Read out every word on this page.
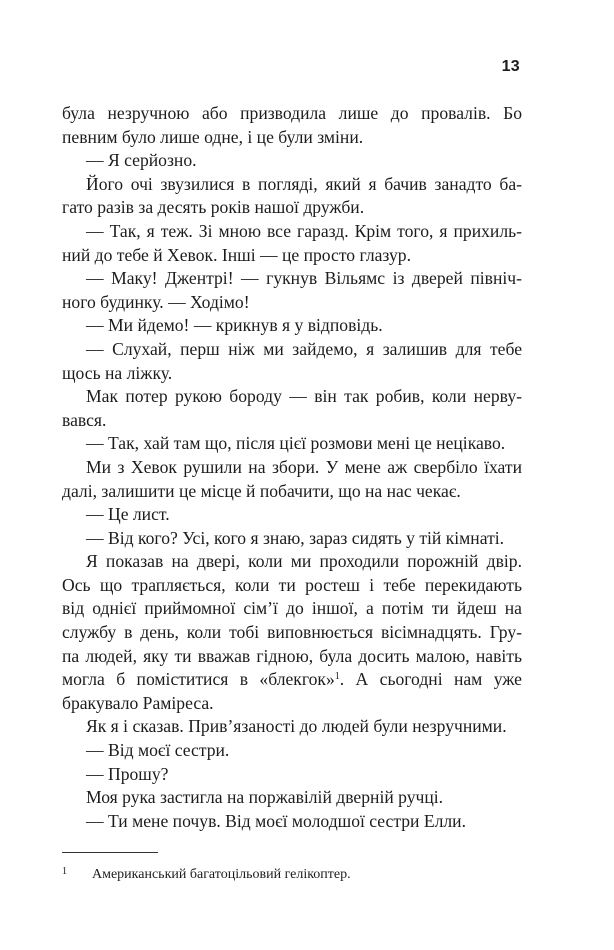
13
була незручною або призводила лише до провалів. Бо
певним було лише одне, і це були зміни.
— Я серйозно.
Його очі звузилися в погляді, який я бачив занадто ба-
гато разів за десять років нашої дружби.
— Так, я теж. Зі мною все гаразд. Крім того, я прихиль-
ний до тебе й Хевок. Інші — це просто глазур.
— Маку! Джентрі! — гукнув Вільямс із дверей північ-
ного будинку. — Ходімо!
— Ми йдемо! — крикнув я у відповідь.
— Слухай, перш ніж ми зайдемо, я залишив для тебе
щось на ліжку.
Мак потер рукою бороду — він так робив, коли нерву-
вався.
— Так, хай там що, після цієї розмови мені це нецікаво.
Ми з Хевок рушили на збори. У мене аж свербіло їхати
далі, залишити це місце й побачити, що на нас чекає.
— Це лист.
— Від кого? Усі, кого я знаю, зараз сидять у тій кімнаті.
Я показав на двері, коли ми проходили порожній двір.
Ось що трапляється, коли ти ростеш і тебе перекидають
від однієї приймомної сім’ї до іншої, а потім ти йдеш на
службу в день, коли тобі виповнюється вісімнадцять. Гру-
па людей, яку ти вважав гідною, була досить малою, навіть
могла б поміститися в «блекгок»$^1$. А сьогодні нам уже
бракувало Раміреса.
Як я і сказав. Прив’язаності до людей були незручними.
— Від моєї сестри.
— Прошу?
Моя рука застигла на поржавілій дверній ручці.
— Ти мене почув. Від моєї молодшої сестри Елли.
1 Американський багатоцільовий гелікоптер.
